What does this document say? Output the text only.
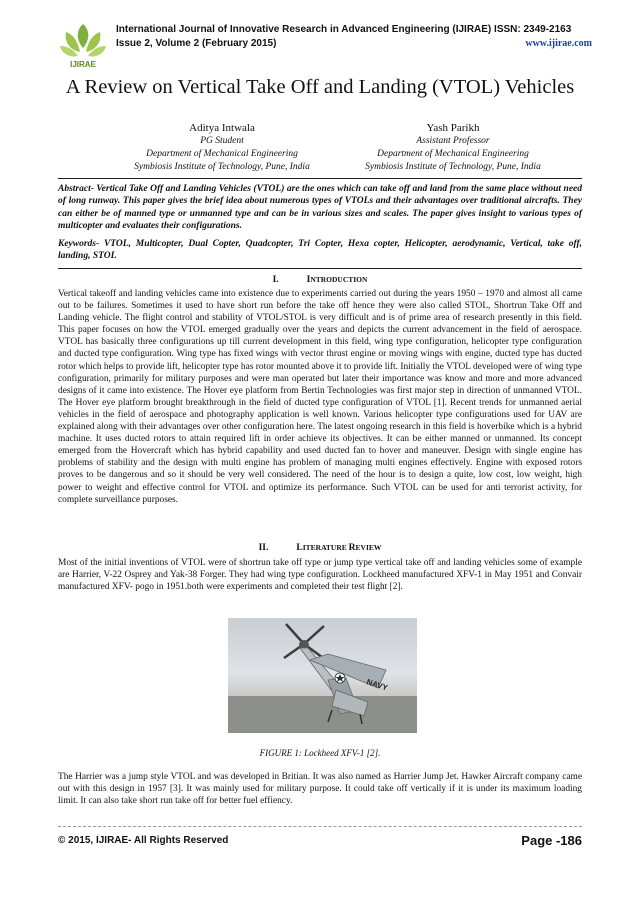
IJIRAE
International Journal of Innovative Research in Advanced Engineering (IJIRAE) ISSN: 2349-2163
Issue 2, Volume 2 (February 2015)	www.ijirae.com
A Review on Vertical Take Off and Landing (VTOL) Vehicles
Aditya Intwala
PG Student
Department of Mechanical Engineering
Symbiosis Institute of Technology, Pune, India
Yash Parikh
Assistant Professor
Department of Mechanical Engineering
Symbiosis Institute of Technology, Pune, India
Abstract- Vertical Take Off and Landing Vehicles (VTOL) are the ones which can take off and land from the same place without need of long runway. This paper gives the brief idea about numerous types of VTOLs and their advantages over traditional aircrafts. They can either be of manned type or unmanned type and can be in various sizes and scales. The paper gives insight to various types of multicopter and evaluates their configurations.
Keywords- VTOL, Multicopter, Dual Copter, Quadcopter, Tri Copter, Hexa copter, Helicopter, aerodynamic, Vertical, take off, landing, STOL
I.	INTRODUCTION
Vertical takeoff and landing vehicles came into existence due to experiments carried out during the years 1950 – 1970 and almost all came out to be failures. Sometimes it used to have short run before the take off hence they were also called STOL, Shortrun Take Off and Landing vehicle. The flight control and stability of VTOL/STOL is very difficult and is of prime area of research presently in this field. This paper focuses on how the VTOL emerged gradually over the years and depicts the current advancement in the field of aerospace. VTOL has basically three configurations up till current development in this field, wing type configuration, helicopter type configuration and ducted type configuration. Wing type has fixed wings with vector thrust engine or moving wings with engine, ducted type has ducted rotor which helps to provide lift, helicopter type has rotor mounted above it to provide lift. Initially the VTOL developed were of wing type configuration, primarily for military purposes and were man operated but later their importance was know and more and more advanced designs of it came into existence. The Hover eye platform from Bertin Technologies was first major step in direction of unmanned VTOL. The Hover eye platform brought breakthrough in the field of ducted type configuration of VTOL [1]. Recent trends for unmanned aerial vehicles in the field of aerospace and photography application is well known. Various helicopter type configurations used for UAV are explained along with their advantages over other configuration here. The latest ongoing research in this field is hoverbike which is a hybrid machine. It uses ducted rotors to attain required lift in order achieve its objectives. It can be either manned or unmanned. Its concept emerged from the Hovercraft which has hybrid capability and used ducted fan to hover and maneuver. Design with single engine has problems of stability and the design with multi engine has problem of managing multi engines effectively. Engine with exposed rotors proves to be dangerous and so it should be very well considered. The need of the hour is to design a quite, low cost, low weight, high power to weight and effective control for VTOL and optimize its performance. Such VTOL can be used for anti terrorist activity, for complete surveillance purposes.
II.	LITERATURE REVIEW
Most of the initial inventions of VTOL were of shortrun take off type or jump type vertical take off and landing vehicles some of example are Harrier, V-22 Osprey and Yak-38 Forger. They had wing type configuration. Lockheed manufactured XFV-1 in May 1951 and Convair manufactured XFV- pogo in 1951.both were experiments and completed their test flight [2].
NAVY
FIGURE 1: Lockheed XFV-1 [2].
The Harrier was a jump style VTOL and was developed in Britian. It was also named as Harrier Jump Jet. Hawker Aircraft company came out with this design in 1957 [3]. It was mainly used for military purpose. It could take off vertically if it is under its maximum loading limit. It can also take short run take off for better fuel effiency.
© 2015, IJIRAE- All Rights Reserved	Page -186
